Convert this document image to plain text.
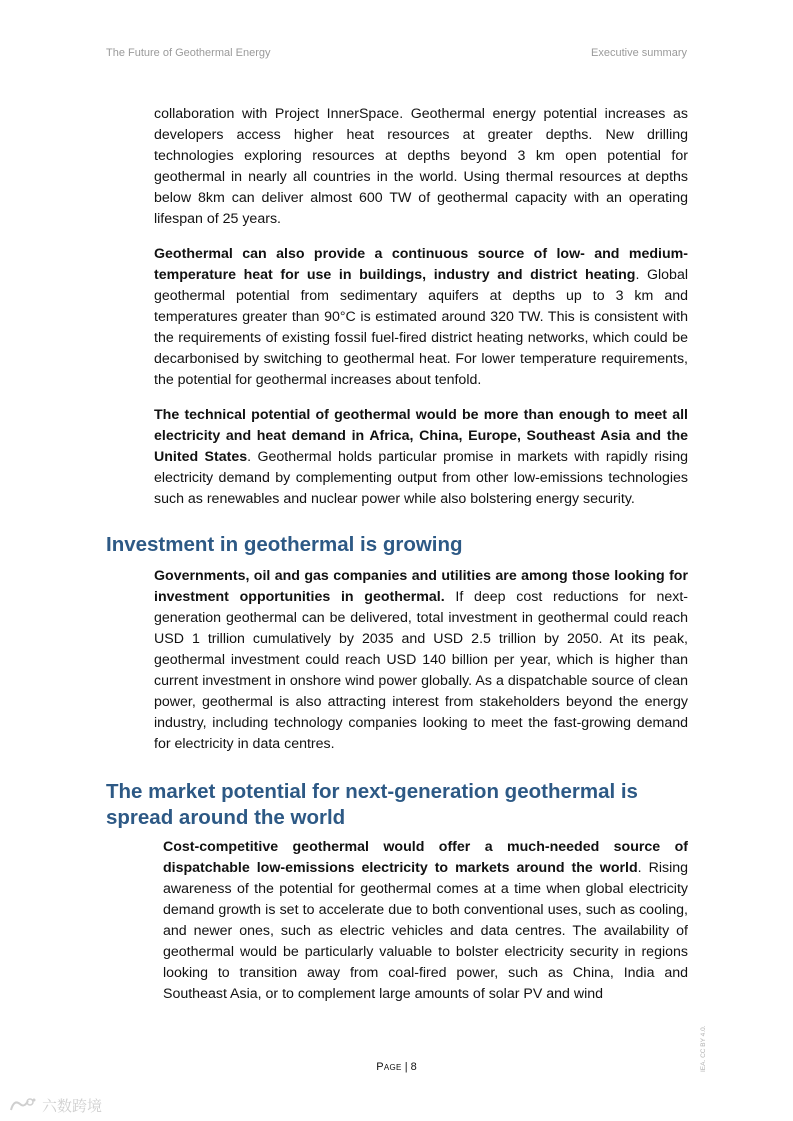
The Future of Geothermal Energy	Executive summary

collaboration with Project InnerSpace. Geothermal energy potential increases as developers access higher heat resources at greater depths. New drilling technologies exploring resources at depths beyond 3 km open potential for geothermal in nearly all countries in the world. Using thermal resources at depths below 8km can deliver almost 600 TW of geothermal capacity with an operating lifespan of 25 years.

Geothermal can also provide a continuous source of low- and medium-temperature heat for use in buildings, industry and district heating. Global geothermal potential from sedimentary aquifers at depths up to 3 km and temperatures greater than 90°C is estimated around 320 TW. This is consistent with the requirements of existing fossil fuel-fired district heating networks, which could be decarbonised by switching to geothermal heat. For lower temperature requirements, the potential for geothermal increases about tenfold.

The technical potential of geothermal would be more than enough to meet all electricity and heat demand in Africa, China, Europe, Southeast Asia and the United States. Geothermal holds particular promise in markets with rapidly rising electricity demand by complementing output from other low-emissions technologies such as renewables and nuclear power while also bolstering energy security.

Investment in geothermal is growing

Governments, oil and gas companies and utilities are among those looking for investment opportunities in geothermal. If deep cost reductions for next-generation geothermal can be delivered, total investment in geothermal could reach USD 1 trillion cumulatively by 2035 and USD 2.5 trillion by 2050. At its peak, geothermal investment could reach USD 140 billion per year, which is higher than current investment in onshore wind power globally. As a dispatchable source of clean power, geothermal is also attracting interest from stakeholders beyond the energy industry, including technology companies looking to meet the fast-growing demand for electricity in data centres.

The market potential for next-generation geothermal is spread around the world

Cost-competitive geothermal would offer a much-needed source of dispatchable low-emissions electricity to markets around the world. Rising awareness of the potential for geothermal comes at a time when global electricity demand growth is set to accelerate due to both conventional uses, such as cooling, and newer ones, such as electric vehicles and data centres. The availability of geothermal would be particularly valuable to bolster electricity security in regions looking to transition away from coal-fired power, such as China, India and Southeast Asia, or to complement large amounts of solar PV and wind

Page | 8	IEA. CC BY 4.0.
六数跨境
